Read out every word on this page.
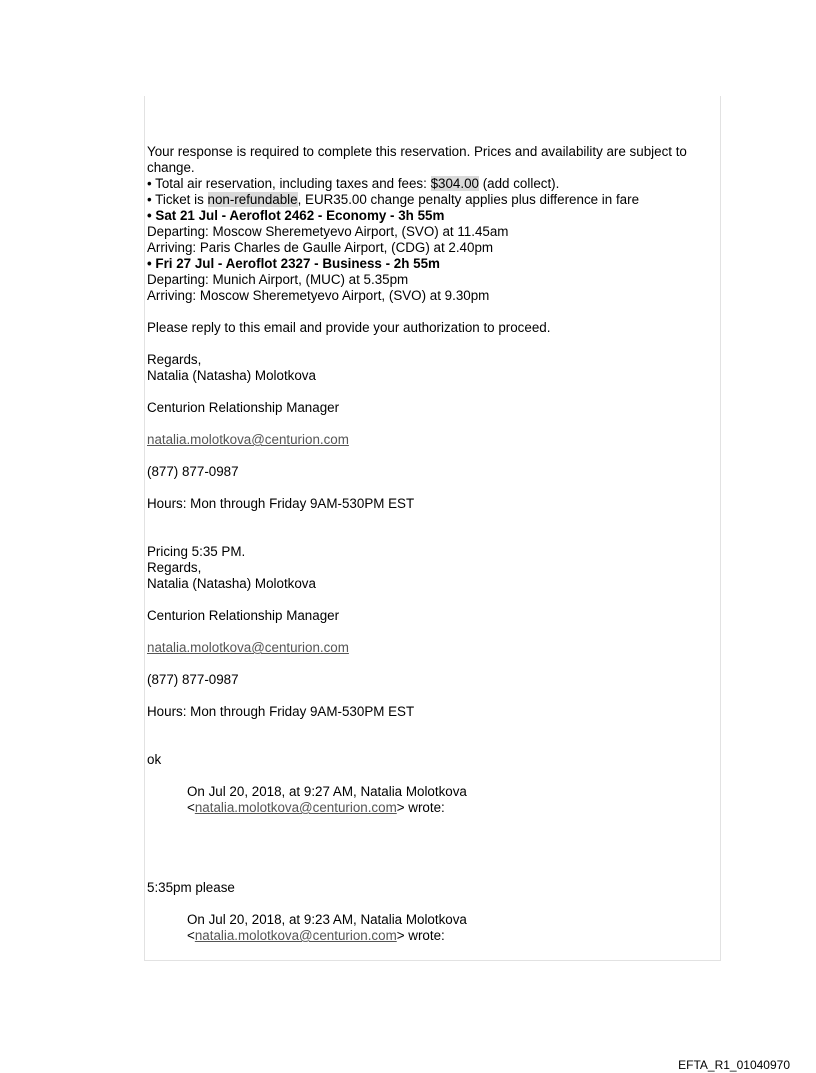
Your response is required to complete this reservation. Prices and availability are subject to
change.
• Total air reservation, including taxes and fees: $304.00 (add collect).
• Ticket is non-refundable, EUR35.00 change penalty applies plus difference in fare
• Sat 21 Jul - Aeroflot 2462 - Economy - 3h 55m
Departing: Moscow Sheremetyevo Airport, (SVO) at 11.45am
Arriving: Paris Charles de Gaulle Airport, (CDG) at 2.40pm
• Fri 27 Jul - Aeroflot 2327 - Business - 2h 55m
Departing: Munich Airport, (MUC) at 5.35pm
Arriving: Moscow Sheremetyevo Airport, (SVO) at 9.30pm
Please reply to this email and provide your authorization to proceed.
Regards,
Natalia (Natasha) Molotkova
Centurion Relationship Manager
natalia.molotkova@centurion.com
(877) 877-0987
Hours: Mon through Friday 9AM-530PM EST
Pricing 5:35 PM.
Regards,
Natalia (Natasha) Molotkova
Centurion Relationship Manager
natalia.molotkova@centurion.com
(877) 877-0987
Hours: Mon through Friday 9AM-530PM EST
ok
On Jul 20, 2018, at 9:27 AM, Natalia Molotkova
<natalia.molotkova@centurion.com> wrote:
5:35pm please
On Jul 20, 2018, at 9:23 AM, Natalia Molotkova
<natalia.molotkova@centurion.com> wrote:
EFTA_R1_01040970
